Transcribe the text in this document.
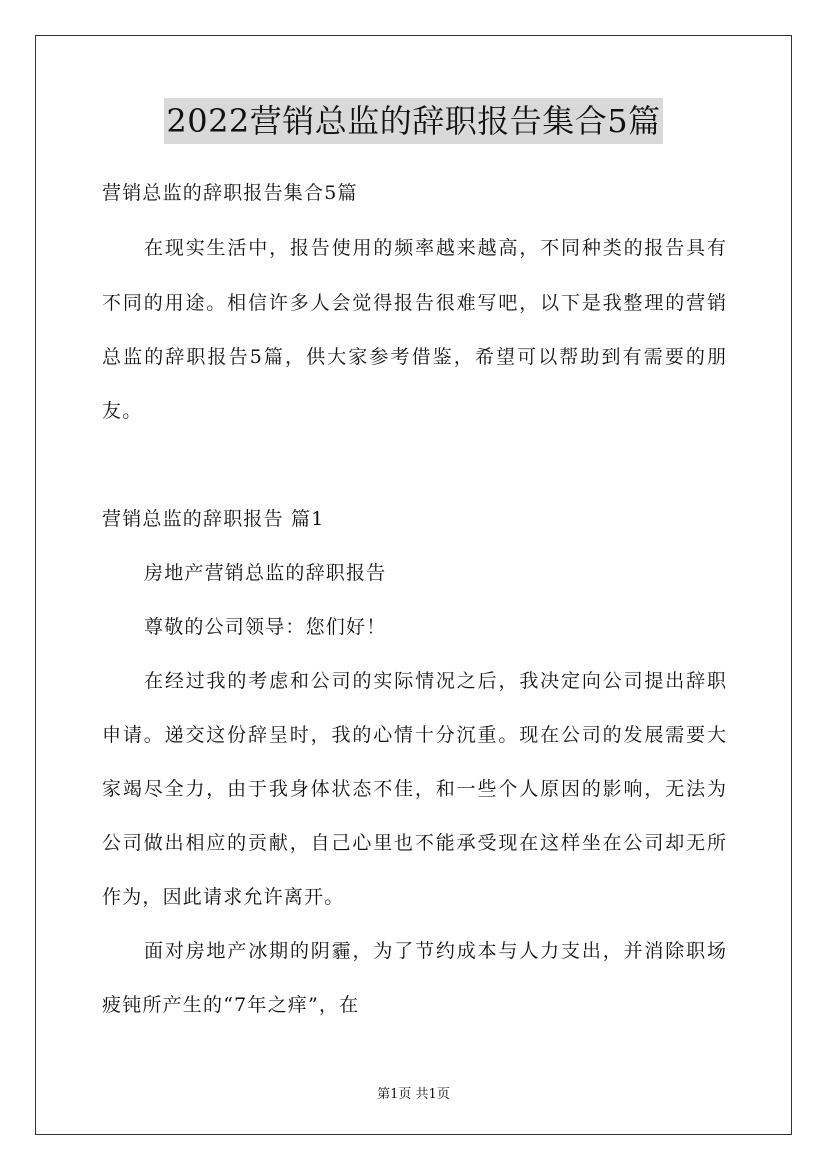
2022营销总监的辞职报告集合5篇
营销总监的辞职报告集合5篇
在现实生活中，报告使用的频率越来越高，不同种类的报告具有
不同的用途。相信许多人会觉得报告很难写吧，以下是我整理的营销
总监的辞职报告5篇，供大家参考借鉴，希望可以帮助到有需要的朋
友。
营销总监的辞职报告 篇1
房地产营销总监的辞职报告
尊敬的公司领导：您们好！
在经过我的考虑和公司的实际情况之后，我决定向公司提出辞职
申请。递交这份辞呈时，我的心情十分沉重。现在公司的发展需要大
家竭尽全力，由于我身体状态不佳，和一些个人原因的影响，无法为
公司做出相应的贡献，自己心里也不能承受现在这样坐在公司却无所
作为，因此请求允许离开。
面对房地产冰期的阴霾，为了节约成本与人力支出，并消除职场
疲钝所产生的“7年之痒”，在
第1页 共1页
